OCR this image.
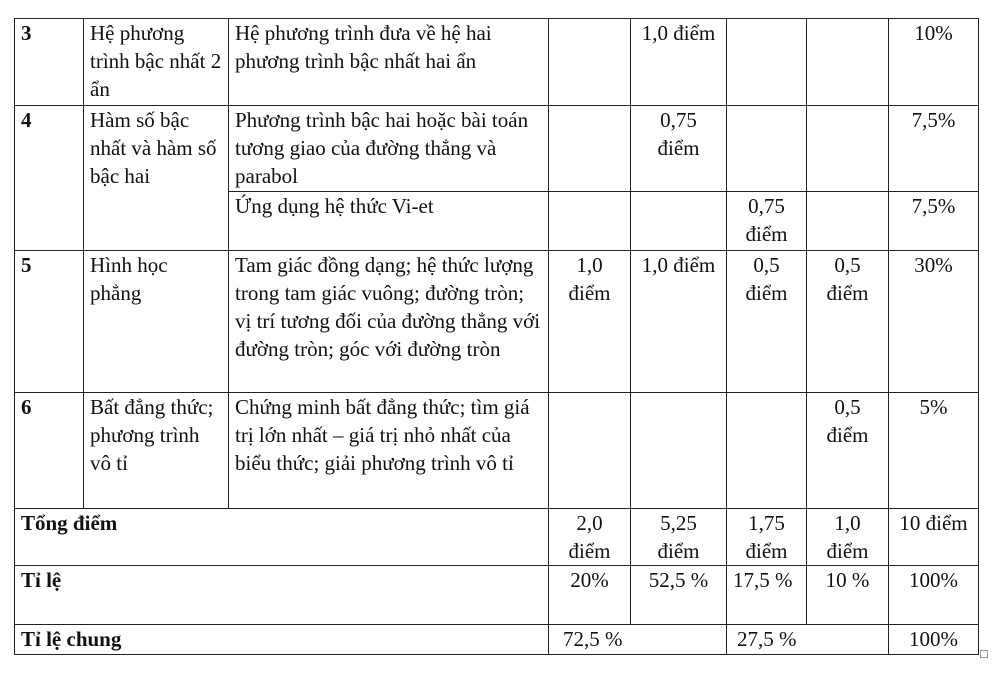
3	Hệ phương trình bậc nhất 2 ẩn	Hệ phương trình đưa về hệ hai phương trình bậc nhất hai ẩn		1,0 điểm			10%
4	Hàm số bậc nhất và hàm số bậc hai	Phương trình bậc hai hoặc bài toán tương giao của đường thẳng và parabol		0,75 điểm			7,5%
		Ứng dụng hệ thức Vi-et			0,75 điểm		7,5%
5	Hình học phẳng	Tam giác đồng dạng; hệ thức lượng trong tam giác vuông; đường tròn; vị trí tương đối của đường thẳng với đường tròn; góc với đường tròn	1,0 điểm	1,0 điểm	0,5 điểm	0,5 điểm	30%
6	Bất đẳng thức; phương trình vô tỉ	Chứng minh bất đẳng thức; tìm giá trị lớn nhất – giá trị nhỏ nhất của biểu thức; giải phương trình vô tỉ				0,5 điểm	5%
Tổng điểm			2,0 điểm	5,25 điểm	1,75 điểm	1,0 điểm	10 điểm
Tỉ lệ			20%	52,5 %	17,5 %	10 %	100%
Tỉ lệ chung			72,5 %		27,5 %		100%
